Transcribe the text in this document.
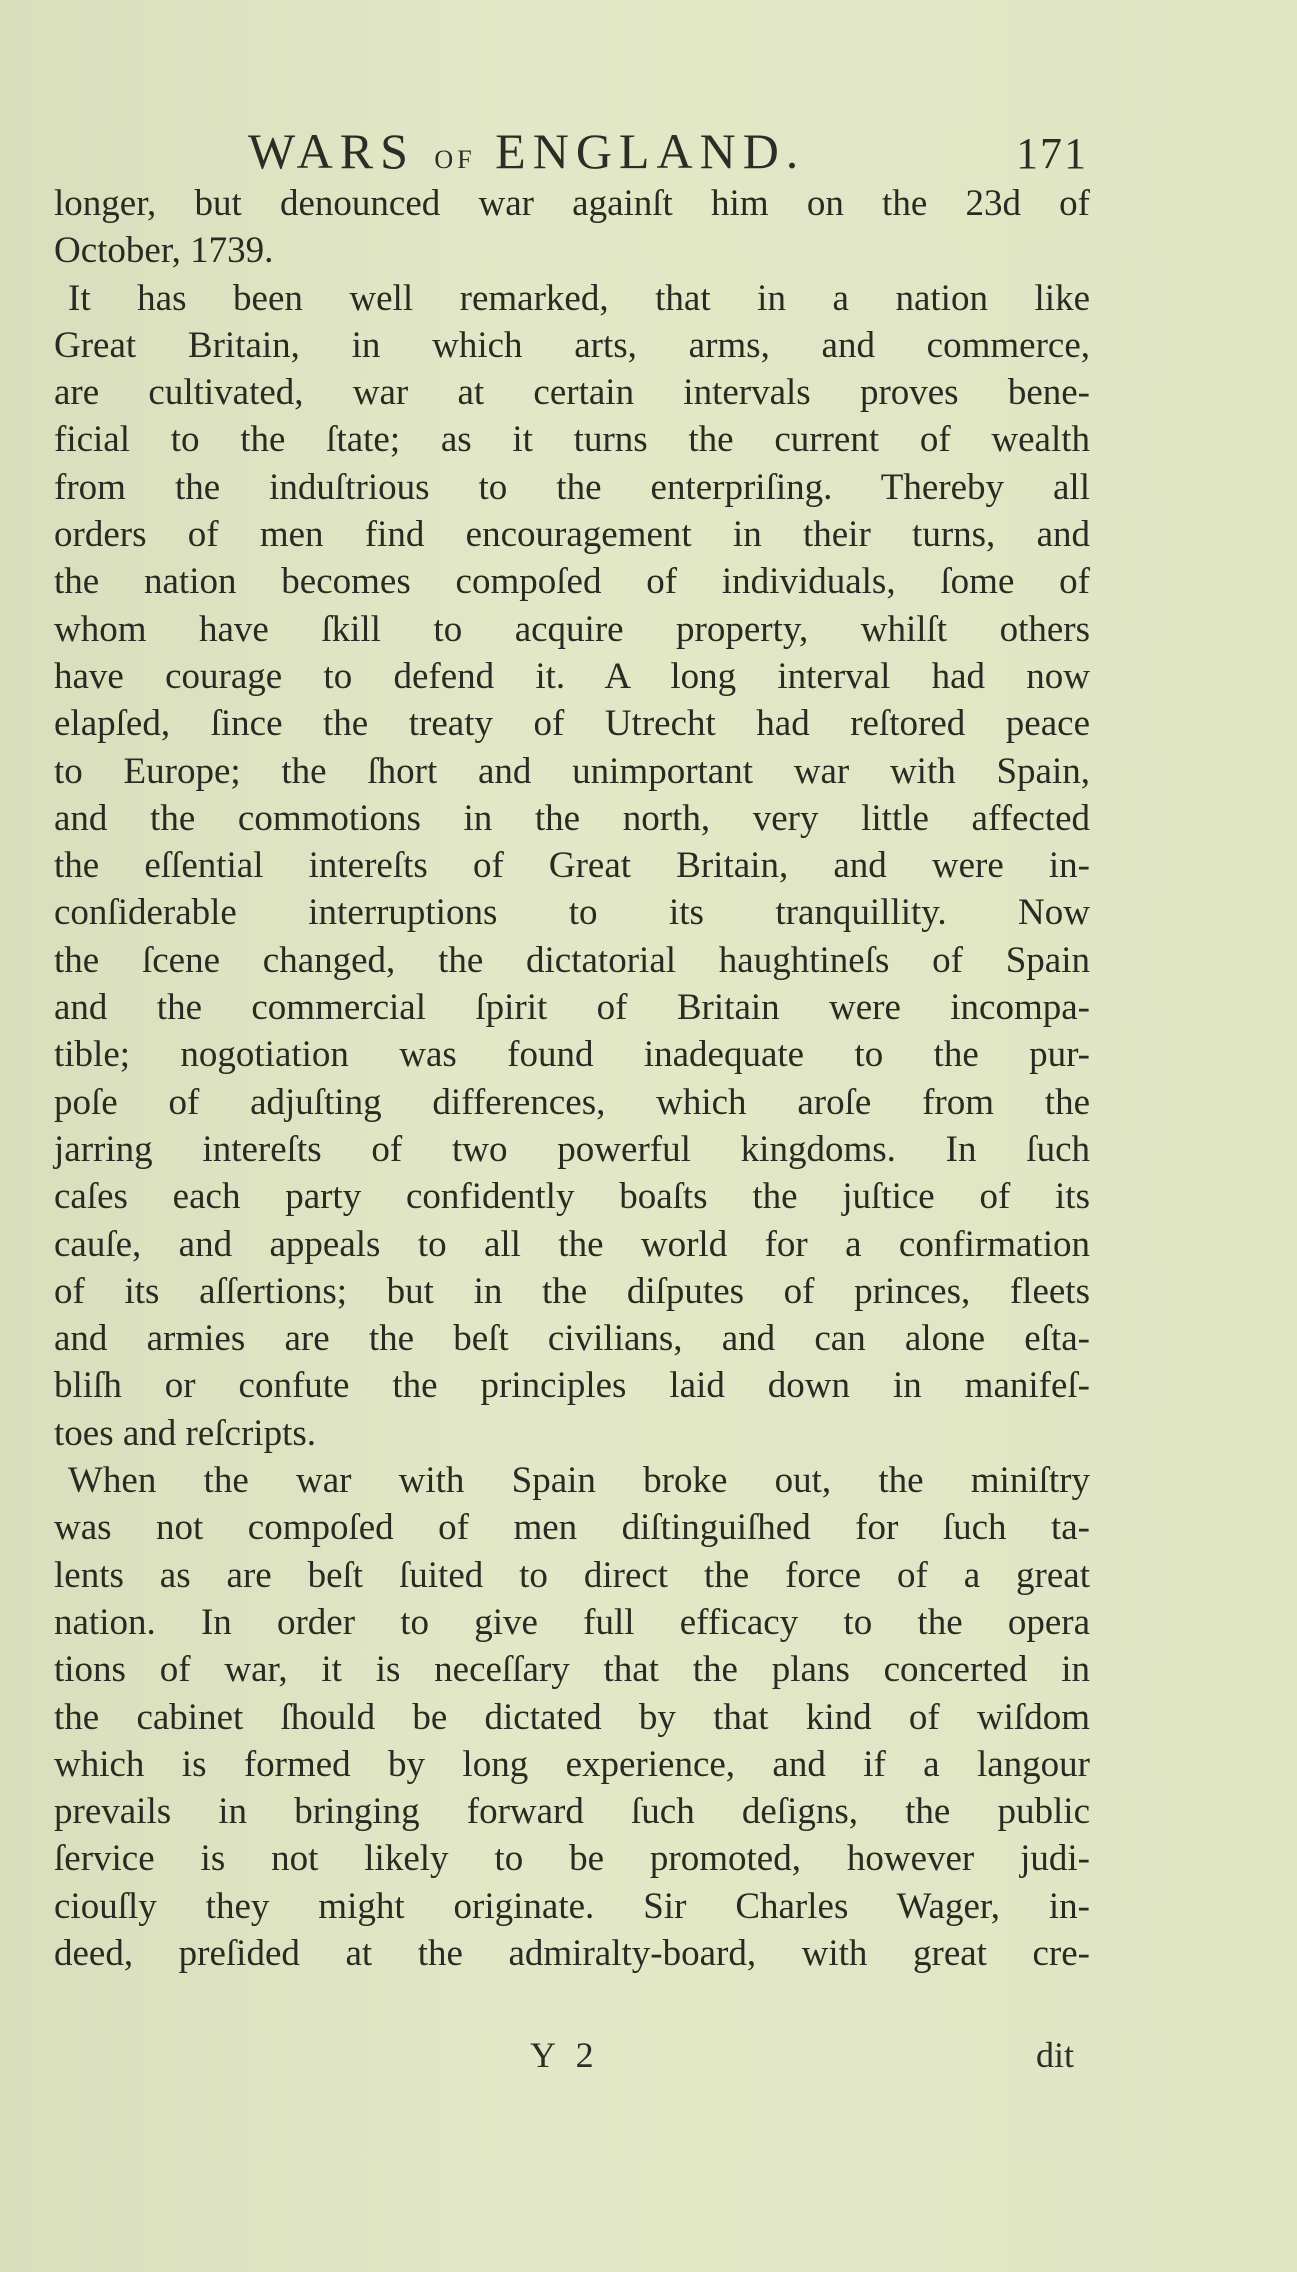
WARS OF ENGLAND.	171
longer, but denounced war againſt him on the 23d of
October, 1739.
It has been well remarked, that in a nation like
Great Britain, in which arts, arms, and commerce,
are cultivated, war at certain intervals proves bene-
ficial to the ſtate; as it turns the current of wealth
from the induſtrious to the enterpriſing. Thereby all
orders of men find encouragement in their turns, and
the nation becomes compoſed of individuals, ſome of
whom have ſkill to acquire property, whilſt others
have courage to defend it. A long interval had now
elapſed, ſince the treaty of Utrecht had reſtored peace
to Europe; the ſhort and unimportant war with Spain,
and the commotions in the north, very little affected
the eſſential intereſts of Great Britain, and were in-
conſiderable interruptions to its tranquillity. Now
the ſcene changed, the dictatorial haughtineſs of Spain
and the commercial ſpirit of Britain were incompa-
tible; nogotiation was found inadequate to the pur-
poſe of adjuſting differences, which aroſe from the
jarring intereſts of two powerful kingdoms. In ſuch
caſes each party confidently boaſts the juſtice of its
cauſe, and appeals to all the world for a confirmation
of its aſſertions; but in the diſputes of princes, fleets
and armies are the beſt civilians, and can alone eſta-
bliſh or confute the principles laid down in manifeſ-
toes and reſcripts.
When the war with Spain broke out, the miniſtry
was not compoſed of men diſtinguiſhed for ſuch ta-
lents as are beſt ſuited to direct the force of a great
nation. In order to give full efficacy to the opera
tions of war, it is neceſſary that the plans concerted in
the cabinet ſhould be dictated by that kind of wiſdom
which is formed by long experience, and if a langour
prevails in bringing forward ſuch deſigns, the public
ſervice is not likely to be promoted, however judi-
ciouſly they might originate. Sir Charles Wager, in-
deed, preſided at the admiralty-board, with great cre-
Y 2	dit
